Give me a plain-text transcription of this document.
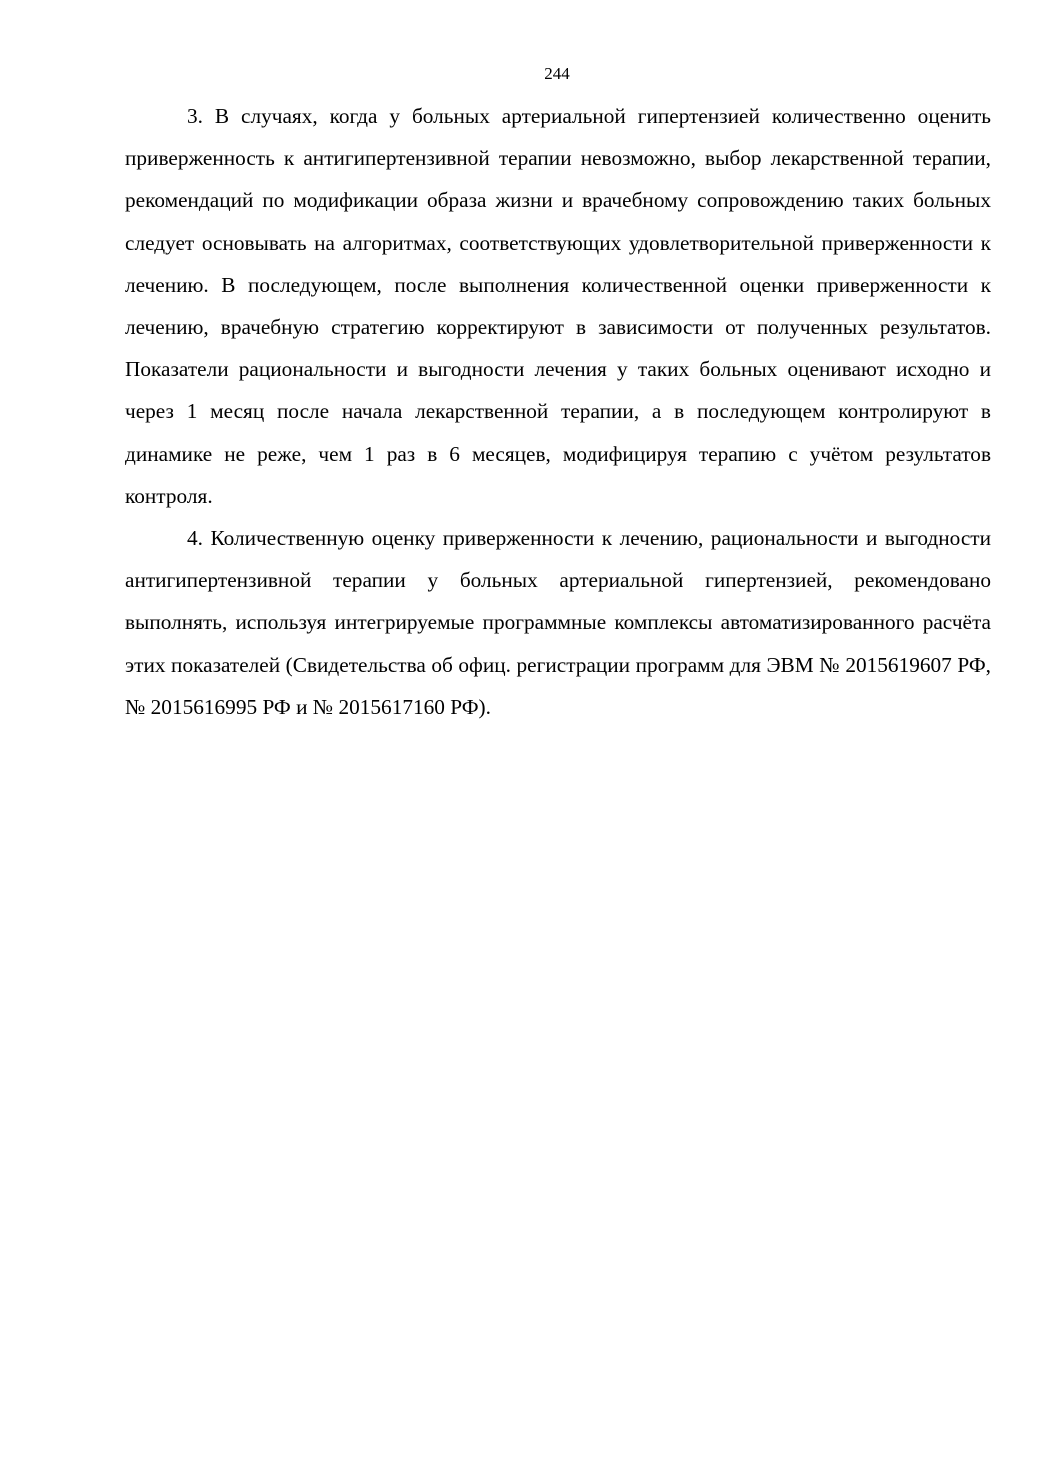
244

3. В случаях, когда у больных артериальной гипертензией количественно оценить приверженность к антигипертензивной терапии невозможно, выбор лекарственной терапии, рекомендаций по модификации образа жизни и врачебному сопровождению таких больных следует основывать на алгоритмах, соответствующих удовлетворительной приверженности к лечению. В последующем, после выполнения количественной оценки приверженности к лечению, врачебную стратегию корректируют в зависимости от полученных результатов. Показатели рациональности и выгодности лечения у таких больных оценивают исходно и через 1 месяц после начала лекарственной терапии, а в последующем контролируют в динамике не реже, чем 1 раз в 6 месяцев, модифицируя терапию с учётом результатов контроля.

4. Количественную оценку приверженности к лечению, рациональности и выгодности антигипертензивной терапии у больных артериальной гипертензией, рекомендовано выполнять, используя интегрируемые программные комплексы автоматизированного расчёта этих показателей (Свидетельства об офиц. регистрации программ для ЭВМ № 2015619607 РФ, № 2015616995 РФ и № 2015617160 РФ).
